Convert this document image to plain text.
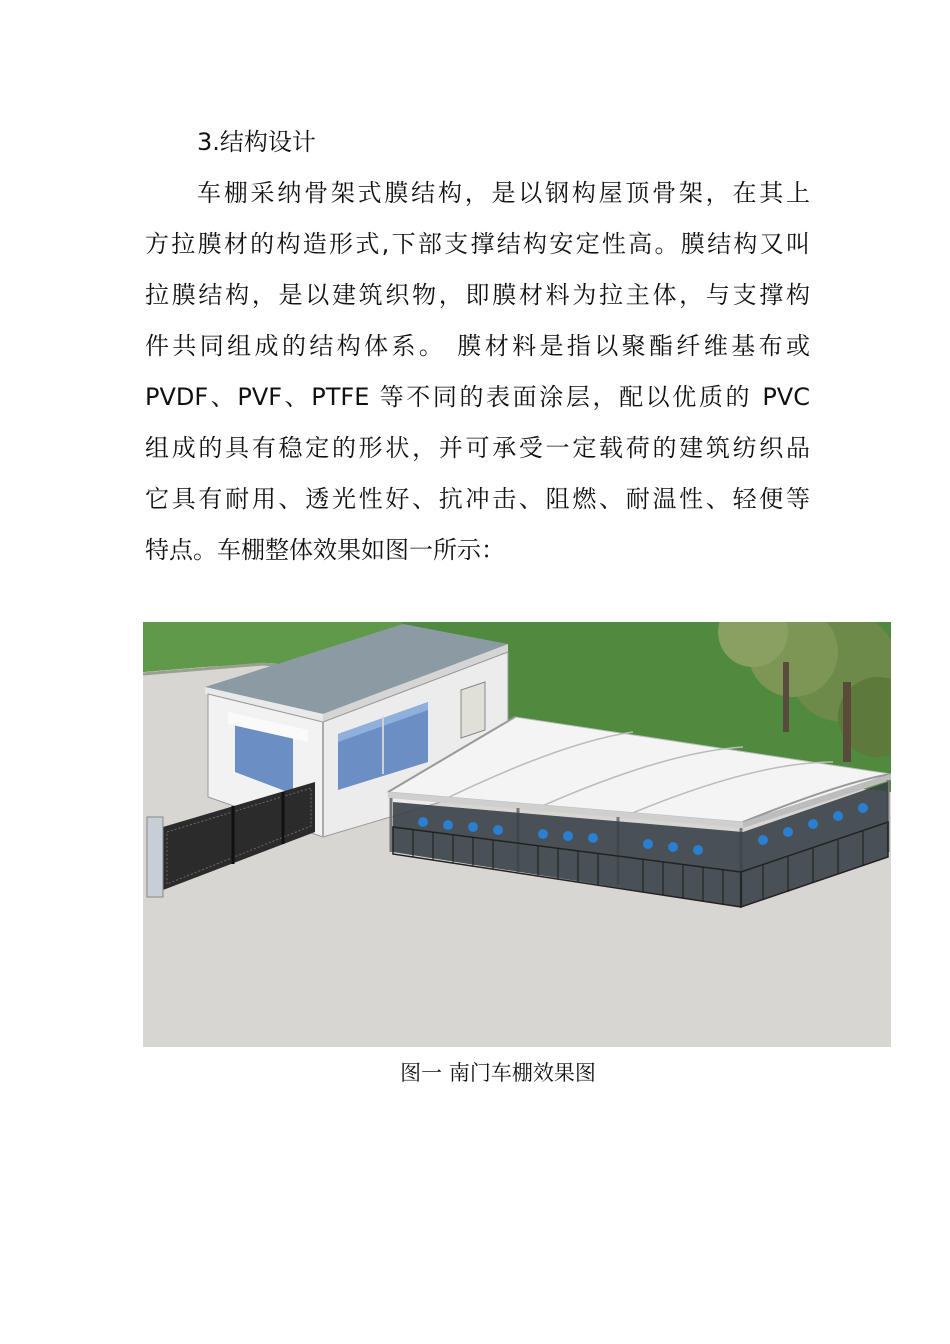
3.结构设计
车棚采纳骨架式膜结构，是以钢构屋顶骨架，在其上
方拉膜材的构造形式,下部支撑结构安定性高。膜结构又叫
拉膜结构，是以建筑织物，即膜材料为拉主体，与支撑构
件共同组成的结构体系。 膜材料是指以聚酯纤维基布或
PVDF、PVF、PTFE 等不同的表面涂层，配以优质的 PVC
组成的具有稳定的形状，并可承受一定载荷的建筑纺织品
它具有耐用、透光性好、抗冲击、阻燃、耐温性、轻便等
特点。车棚整体效果如图一所示：
图一 南门车棚效果图
